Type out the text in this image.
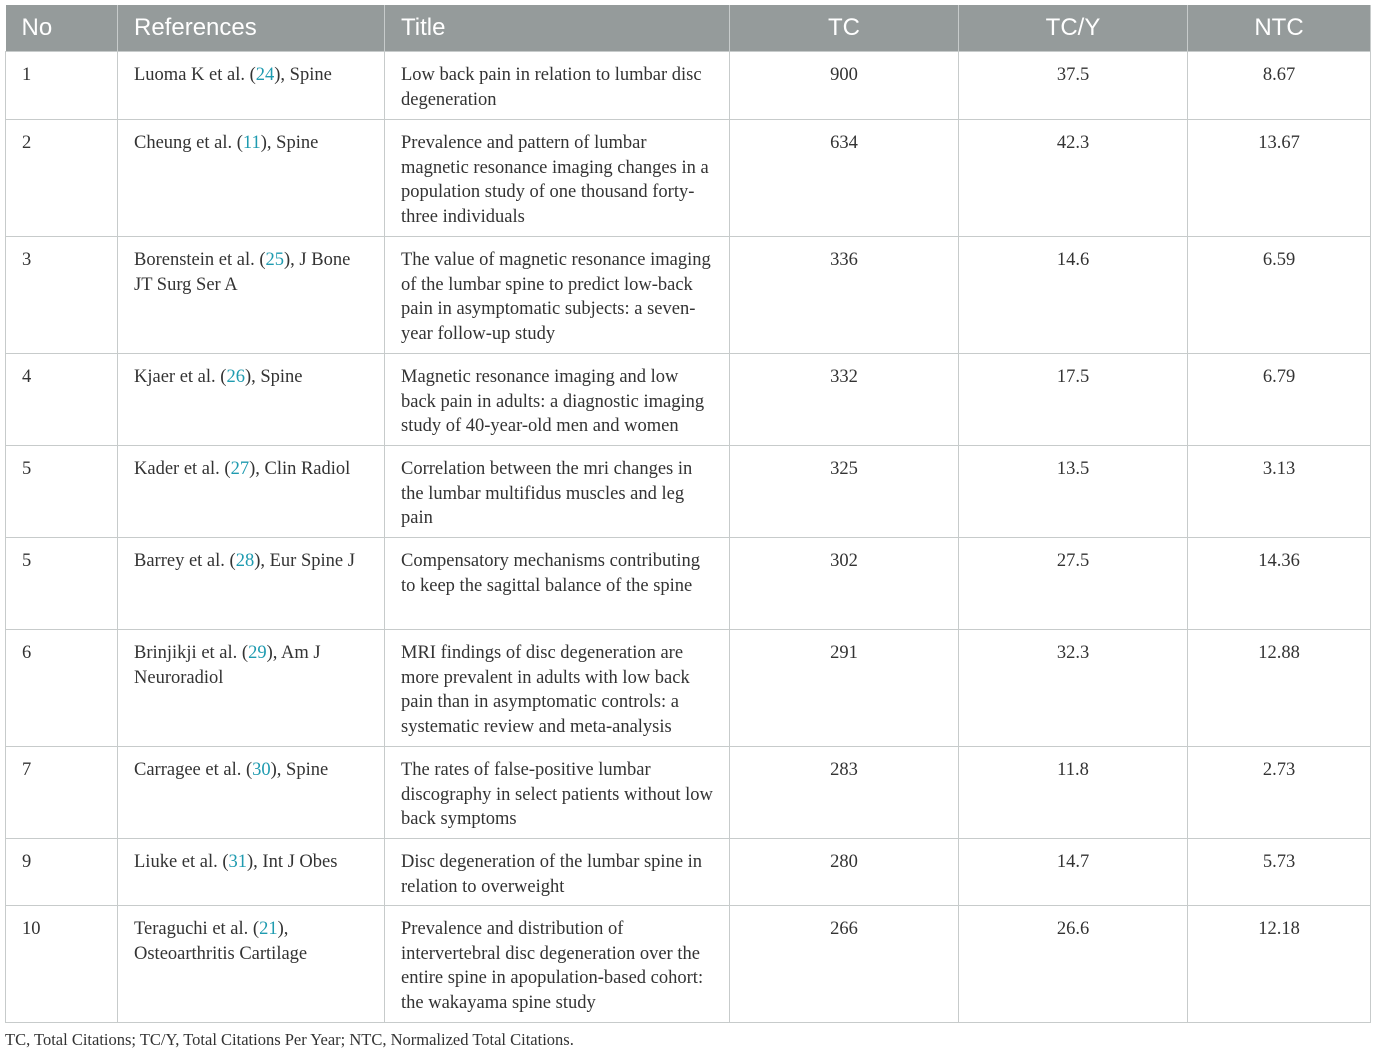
No	References	Title	TC	TC/Y	NTC
1	Luoma K et al. (24), Spine	Low back pain in relation to lumbar disc degeneration	900	37.5	8.67
2	Cheung et al. (11), Spine	Prevalence and pattern of lumbar magnetic resonance imaging changes in a population study of one thousand forty-three individuals	634	42.3	13.67
3	Borenstein et al. (25), J Bone JT Surg Ser A	The value of magnetic resonance imaging of the lumbar spine to predict low-back pain in asymptomatic subjects: a seven-year follow-up study	336	14.6	6.59
4	Kjaer et al. (26), Spine	Magnetic resonance imaging and low back pain in adults: a diagnostic imaging study of 40-year-old men and women	332	17.5	6.79
5	Kader et al. (27), Clin Radiol	Correlation between the mri changes in the lumbar multifidus muscles and leg pain	325	13.5	3.13
5	Barrey et al. (28), Eur Spine J	Compensatory mechanisms contributing to keep the sagittal balance of the spine	302	27.5	14.36
6	Brinjikji et al. (29), Am J Neuroradiol	MRI findings of disc degeneration are more prevalent in adults with low back pain than in asymptomatic controls: a systematic review and meta-analysis	291	32.3	12.88
7	Carragee et al. (30), Spine	The rates of false-positive lumbar discography in select patients without low back symptoms	283	11.8	2.73
9	Liuke et al. (31), Int J Obes	Disc degeneration of the lumbar spine in relation to overweight	280	14.7	5.73
10	Teraguchi et al. (21), Osteoarthritis Cartilage	Prevalence and distribution of intervertebral disc degeneration over the entire spine in apopulation-based cohort: the wakayama spine study	266	26.6	12.18
TC, Total Citations; TC/Y, Total Citations Per Year; NTC, Normalized Total Citations.
